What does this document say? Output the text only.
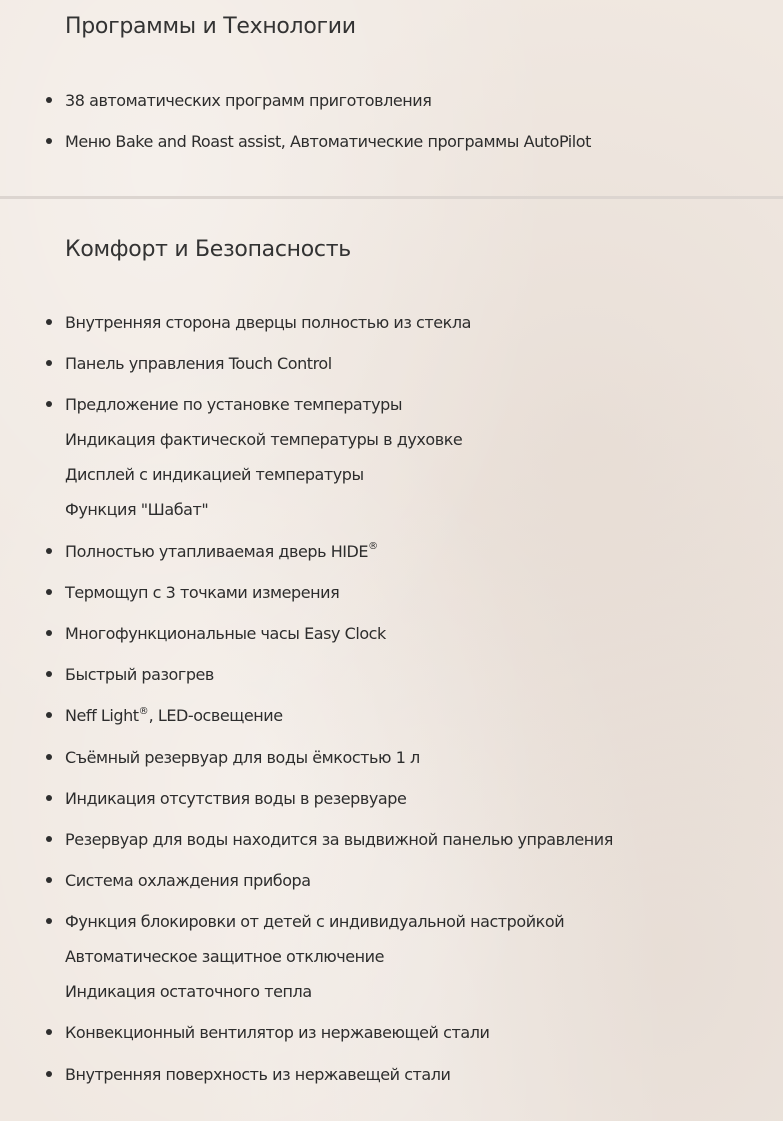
Программы и Технологии
38 автоматических программ приготовления
Меню Bake and Roast assist, Автоматические программы AutoPilot
Комфорт и Безопасность
Внутренняя сторона дверцы полностью из стекла
Панель управления Touch Control
Предложение по установке температуры
Индикация фактической температуры в духовке
Дисплей с индикацией температуры
Функция "Шабат"
Полностью утапливаемая дверь HIDE®
Термощуп с 3 точками измерения
Многофункциональные часы Easy Clock
Быстрый разогрев
Neff Light®, LED-освещение
Съёмный резервуар для воды ёмкостью 1 л
Индикация отсутствия воды в резервуаре
Резервуар для воды находится за выдвижной панелью управления
Система охлаждения прибора
Функция блокировки от детей с индивидуальной настройкой
Автоматическое защитное отключение
Индикация остаточного тепла
Конвекционный вентилятор из нержавеющей стали
Внутренняя поверхность из нержавещей стали
